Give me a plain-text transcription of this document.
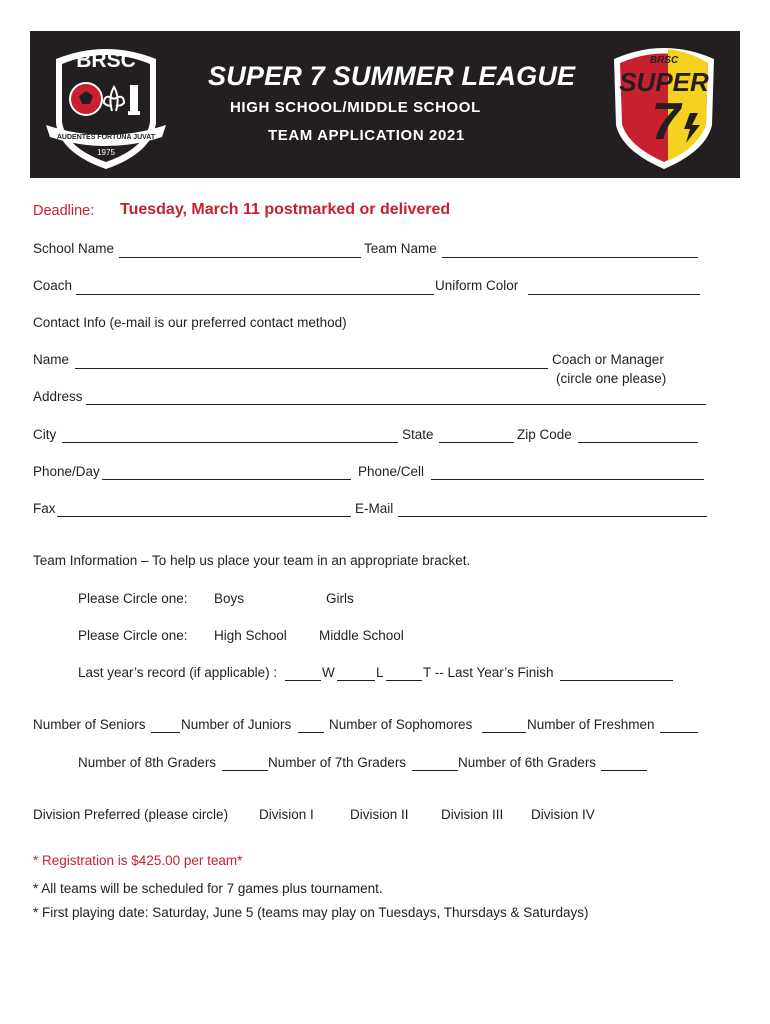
BRSC
AUDENTES FORTUNA JUVAT
1975
SUPER 7 SUMMER LEAGUE
HIGH SCHOOL/MIDDLE SCHOOL
TEAM APPLICATION 2021
BRSC
SUPER
7
Deadline: Tuesday, March 11 postmarked or delivered
School Name	Team Name
Coach	Uniform Color
Contact Info (e-mail is our preferred contact method)
Name	Coach or Manager
(circle one please)
Address
City	State	Zip Code
Phone/Day	Phone/Cell
Fax	E-Mail
Team Information – To help us place your team in an appropriate bracket.
Please Circle one: Boys	Girls
Please Circle one: High School Middle School
Last year’s record (if applicable) :	W	L	T -- Last Year’s Finish
Number of Seniors	Number of Juniors	Number of Sophomores	Number of Freshmen
Number of 8th Graders	Number of 7th Graders	Number of 6th Graders
Division Preferred (please circle) Division I	Division II Division III Division IV
* Registration is $425.00 per team*
* All teams will be scheduled for 7 games plus tournament.
* First playing date: Saturday, June 5 (teams may play on Tuesdays, Thursdays & Saturdays)
